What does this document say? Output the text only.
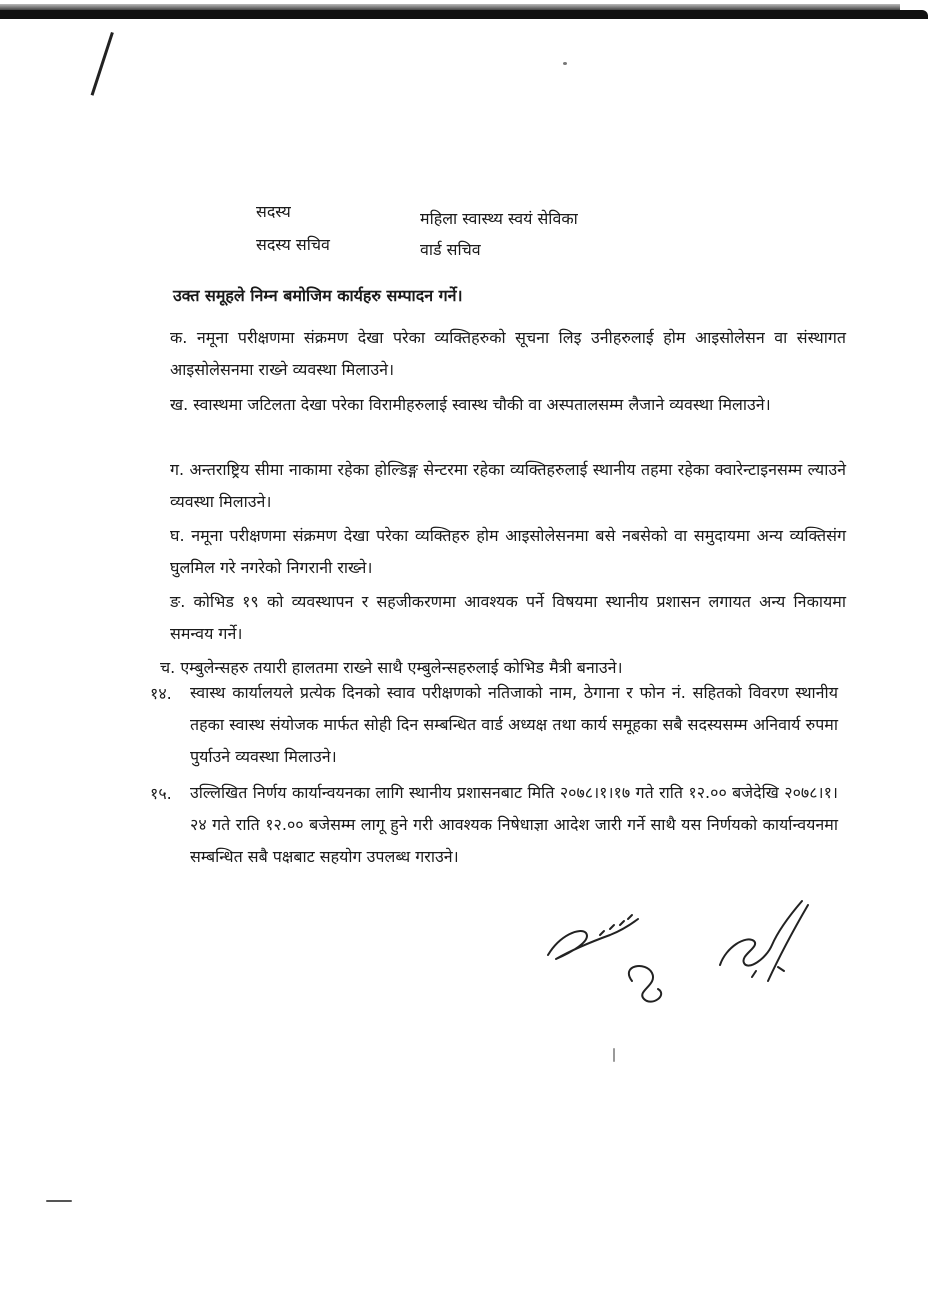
सदस्य	महिला स्वास्थ्य स्वयं सेविका
सदस्य सचिव	वार्ड सचिव
उक्त समूहले निम्न बमोजिम कार्यहरु सम्पादन गर्ने।
क. नमूना परीक्षणमा संक्रमण देखा परेका व्यक्तिहरुको सूचना लिइ उनीहरुलाई होम आइसोलेसन वा संस्थागत आइसोलेसनमा राख्ने व्यवस्था मिलाउने।
ख. स्वास्थमा जटिलता देखा परेका विरामीहरुलाई स्वास्थ चौकी वा अस्पतालसम्म लैजाने व्यवस्था मिलाउने।
ग. अन्तराष्ट्रिय सीमा नाकामा रहेका होल्डिङ्ग सेन्टरमा रहेका व्यक्तिहरुलाई स्थानीय तहमा रहेका क्वारेन्टाइनसम्म ल्याउने व्यवस्था मिलाउने।
घ. नमूना परीक्षणमा संक्रमण देखा परेका व्यक्तिहरु होम आइसोलेसनमा बसे नबसेको वा समुदायमा अन्य व्यक्तिसंग घुलमिल गरे नगरेको निगरानी राख्ने।
ङ. कोभिड १९ को व्यवस्थापन र सहजीकरणमा आवश्यक पर्ने विषयमा स्थानीय प्रशासन लगायत अन्य निकायमा समन्वय गर्ने।
च. एम्बुलेन्सहरु तयारी हालतमा राख्ने साथै एम्बुलेन्सहरुलाई कोभिड मैत्री बनाउने।
१४. स्वास्थ कार्यालयले प्रत्येक दिनको स्वाव परीक्षणको नतिजाको नाम, ठेगाना र फोन नं. सहितको विवरण स्थानीय तहका स्वास्थ संयोजक मार्फत सोही दिन सम्बन्धित वार्ड अध्यक्ष तथा कार्य समूहका सबै सदस्यसम्म अनिवार्य रुपमा पुर्याउने व्यवस्था मिलाउने।
१५. उल्लिखित निर्णय कार्यान्वयनका लागि स्थानीय प्रशासनबाट मिति २०७८।१।१७ गते राति १२.०० बजेदेखि २०७८।१।२४ गते राति १२.०० बजेसम्म लागू हुने गरी आवश्यक निषेधाज्ञा आदेश जारी गर्ने साथै यस निर्णयको कार्यान्वयनमा सम्बन्धित सबै पक्षबाट सहयोग उपलब्ध गराउने।
